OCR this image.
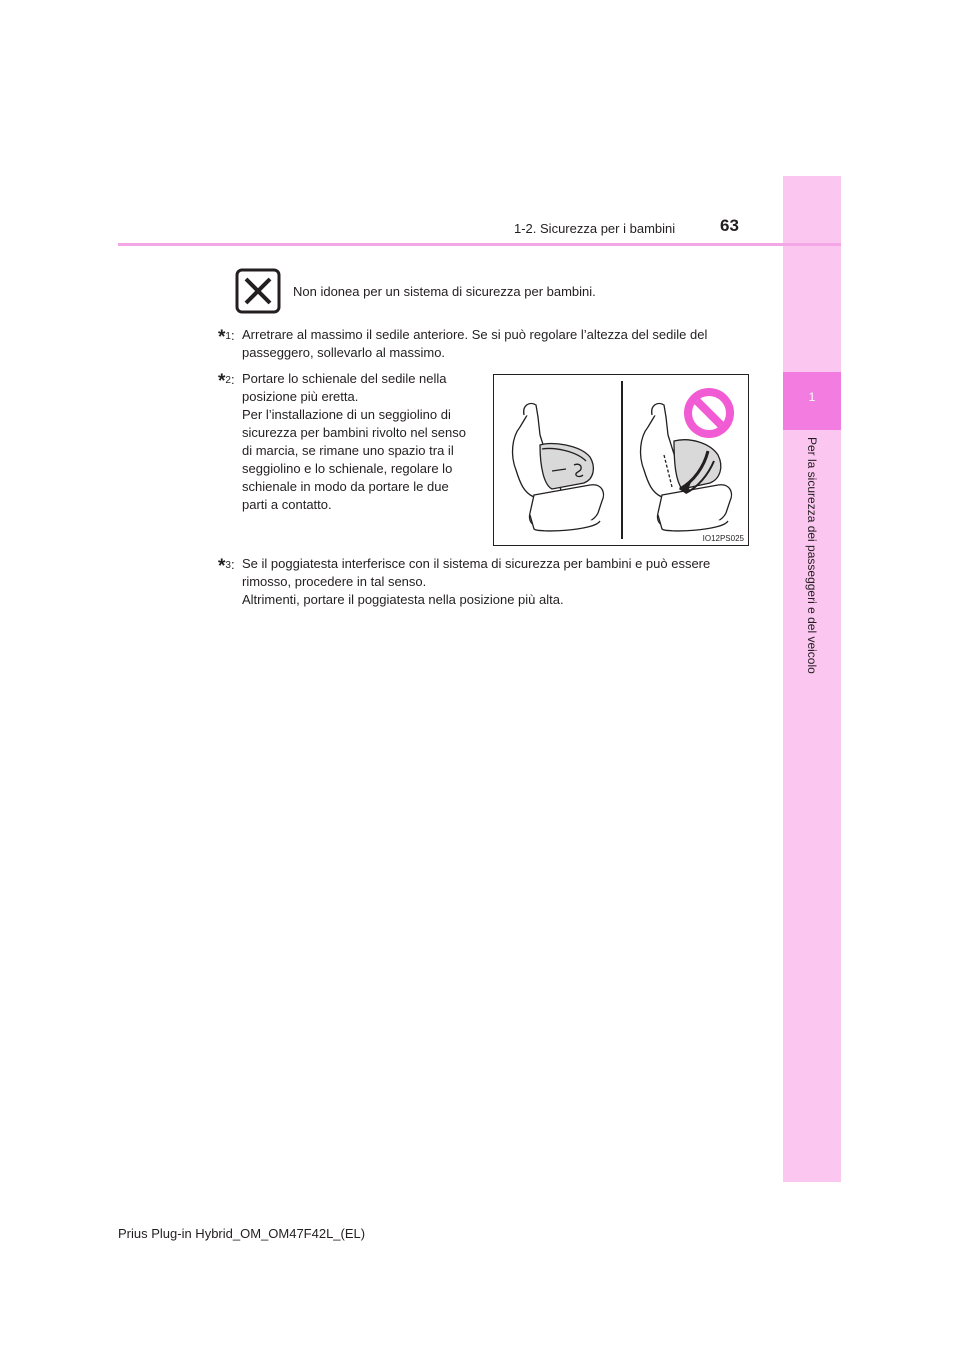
1
Per la sicurezza dei passeggeri e del veicolo
1-2. Sicurezza per i bambini	63
Non idonea per un sistema di sicurezza per bambini.
*1: Arretrare al massimo il sedile anteriore. Se si può regolare l’altezza del sedile del
passeggero, sollevarlo al massimo.
*2: Portare lo schienale del sedile nella
posizione più eretta.
Per l’installazione di un seggiolino di
sicurezza per bambini rivolto nel senso
di marcia, se rimane uno spazio tra il
seggiolino e lo schienale, regolare lo
schienale in modo da portare le due
parti a contatto.
IO12PS025
*3: Se il poggiatesta interferisce con il sistema di sicurezza per bambini e può essere
rimosso, procedere in tal senso.
Altrimenti, portare il poggiatesta nella posizione più alta.
Prius Plug-in Hybrid_OM_OM47F42L_(EL)
